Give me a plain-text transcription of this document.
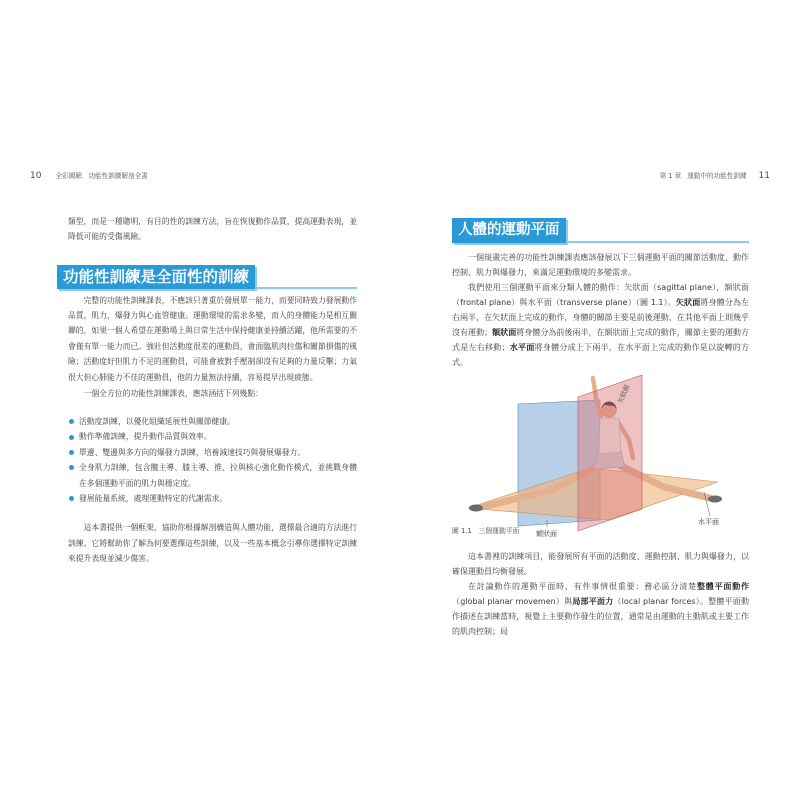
10 全彩圖解．功能性訓練解剖全書

類型，而是一種聰明，有目的性的訓練方法，旨在恢復動作品質，提高運動表現，並降低可能的受傷風險。

功能性訓練是全面性的訓練

完整的功能性訓練課表，不應該只著重於發展單一能力，而要同時致力發展動作品質，肌力，爆發力與心血管健康。運動環境的需求多變，而人的身體能力是相互關聯的，如果一個人希望在運動場上與日常生活中保持健康並持續活躍，他所需要的不會僅有單一能力而已。強壯但活動度很差的運動員，會面臨肌肉拉傷和關節損傷的風險；活動度好但肌力不足的運動員，可能會被對手壓制卻沒有足夠的力量反擊；力氣很大但心肺能力不佳的運動員，他的力量無法持續，容易提早出現疲態。

一個全方位的功能性訓練課表，應該涵括下列幾點：

活動度訓練，以優化組織延展性與關節健康。
動作準備訓練，提升動作品質與效率。
單邊、雙邊與多方向的爆發力訓練，培養減速技巧與發展爆發力。
全身肌力訓練，包含髖主導、膝主導、推、拉與核心強化動作模式，並挑戰身體在多個運動平面的肌力與穩定度。
發展能量系統，處理運動特定的代謝需求。

這本書提供一個框架，協助你根據解剖構造與人體功能，選擇最合適的方法進行訓練。它將幫助你了解為何要選擇這些訓練，以及一些基本概念引導你選擇特定訓練來提升表現並減少傷害。

第 1 章 運動中的功能性訓練 11
人體的運動平面

一個規畫完善的功能性訓練課表應該發展以下三個運動平面的關節活動度、動作控制、肌力與爆發力，來滿足運動環境的多變需求。

我們使用三個運動平面來分類人體的動作：矢狀面（sagittal plane），額狀面（frontal plane）與水平面（transverse plane）（圖 1.1）。矢狀面將身體分為左右兩半，在矢狀面上完成的動作，身體的關節主要是前後運動，在其他平面上則幾乎沒有運動；額狀面將身體分為前後兩半，在額狀面上完成的動作，關節主要的運動方式是左右移動；水平面將身體分成上下兩半，在水平面上完成的動作是以旋轉的方式。

矢狀面
水平面
額狀面
圖 1.1　三個運動平面

這本書裡的訓練項目，能發展所有平面的活動度、運動控制、肌力與爆發力，以確保運動員均衡發展。

在討論動作的運動平面時，有件事情很重要：務必區分清楚整體平面動作（global planar movemen）與局部平面力（local planar forces）。整體平面動作描述在訓練當時，視覺上主要動作發生的位置，通常是由運動的主動肌或主要工作的肌肉控制；局
